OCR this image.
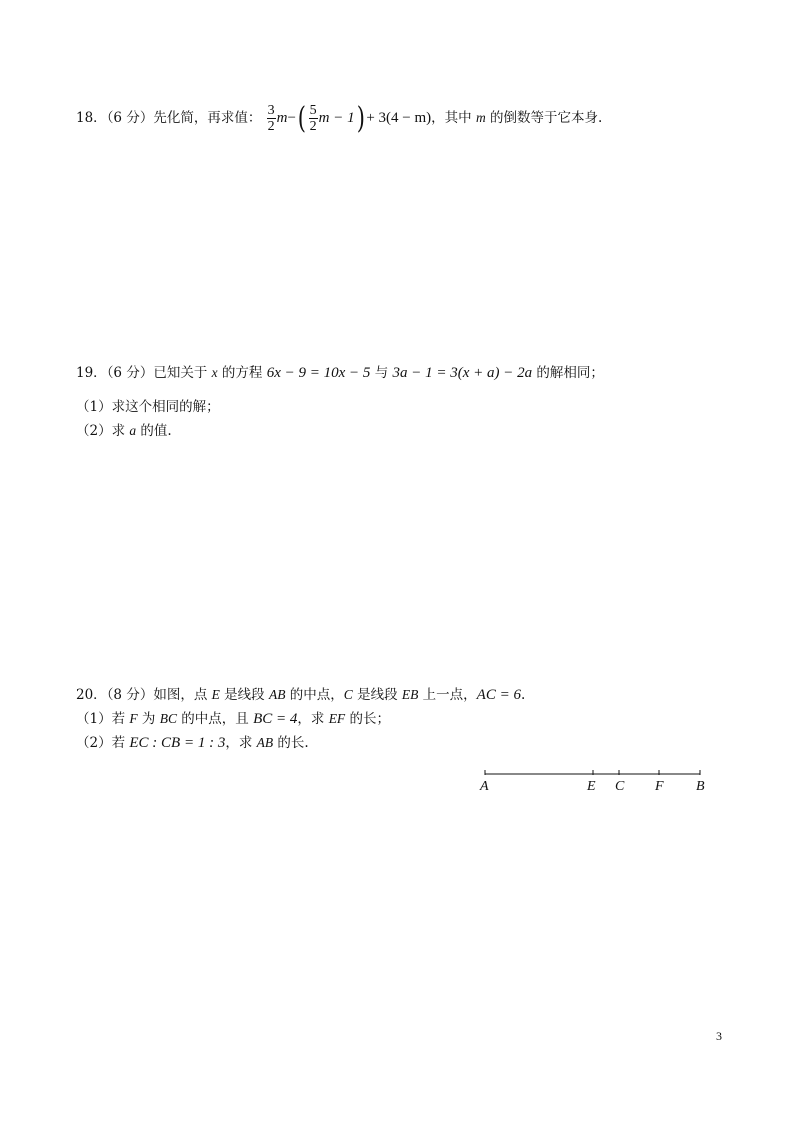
18．（6 分）先化简，再求值： $\frac{3}{2} m-( \frac{5}{2}$ m − 1) + 3(4 − m)，其中 m 的倒数等于它本身.
19．（6 分）已知关于 x 的方程 6x − 9 = 10x − 5 与 3a − 1 = 3(x + a) − 2a 的解相同；
（1）求这个相同的解；
（2）求 a 的值.
20．（8 分）如图，点 E 是线段 AB 的中点，C 是线段 EB 上一点，AC = 6.
（1）若 F 为 BC 的中点，且 BC = 4，求 EF 的长；
（2）若 EC : CB = 1 : 3，求 AB 的长.
A	E C F B
3
